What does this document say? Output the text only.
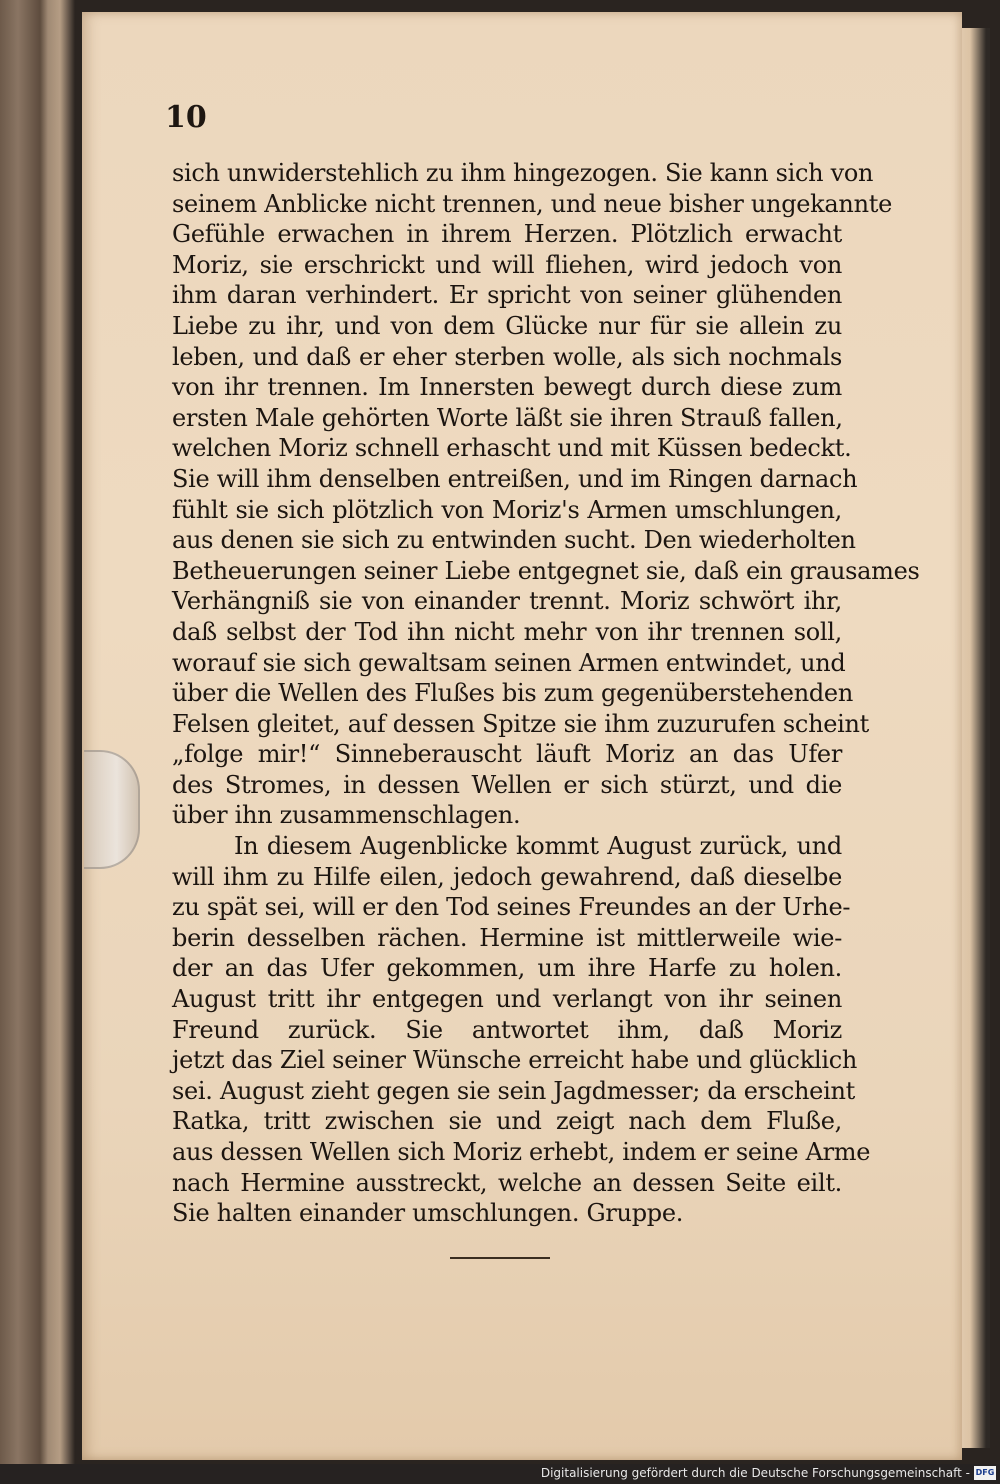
10
sich unwiderstehlich zu ihm hingezogen. Sie kann sich von
seinem Anblicke nicht trennen, und neue bisher ungekannte
Gefühle erwachen in ihrem Herzen. Plötzlich erwacht
Moriz, sie erschrickt und will fliehen, wird jedoch von
ihm daran verhindert. Er spricht von seiner glühenden
Liebe zu ihr, und von dem Glücke nur für sie allein zu
leben, und daß er eher sterben wolle, als sich nochmals
von ihr trennen. Im Innersten bewegt durch diese zum
ersten Male gehörten Worte läßt sie ihren Strauß fallen,
welchen Moriz schnell erhascht und mit Küssen bedeckt.
Sie will ihm denselben entreißen, und im Ringen darnach
fühlt sie sich plötzlich von Moriz's Armen umschlungen,
aus denen sie sich zu entwinden sucht. Den wiederholten
Betheuerungen seiner Liebe entgegnet sie, daß ein grausames
Verhängniß sie von einander trennt. Moriz schwört ihr,
daß selbst der Tod ihn nicht mehr von ihr trennen soll,
worauf sie sich gewaltsam seinen Armen entwindet, und
über die Wellen des Flußes bis zum gegenüberstehenden
Felsen gleitet, auf dessen Spitze sie ihm zuzurufen scheint
„folge mir!“ Sinneberauscht läuft Moriz an das Ufer
des Stromes, in dessen Wellen er sich stürzt, und die
über ihn zusammenschlagen.
In diesem Augenblicke kommt August zurück, und
will ihm zu Hilfe eilen, jedoch gewahrend, daß dieselbe
zu spät sei, will er den Tod seines Freundes an der Urhe-
berin desselben rächen. Hermine ist mittlerweile wie-
der an das Ufer gekommen, um ihre Harfe zu holen.
August tritt ihr entgegen und verlangt von ihr seinen
Freund zurück. Sie antwortet ihm, daß Moriz
jetzt das Ziel seiner Wünsche erreicht habe und glücklich
sei. August zieht gegen sie sein Jagdmesser; da erscheint
Ratka, tritt zwischen sie und zeigt nach dem Fluße,
aus dessen Wellen sich Moriz erhebt, indem er seine Arme
nach Hermine ausstreckt, welche an dessen Seite eilt.
Sie halten einander umschlungen. Gruppe.
Digitalisierung gefördert durch die Deutsche Forschungsgemeinschaft - DFG
